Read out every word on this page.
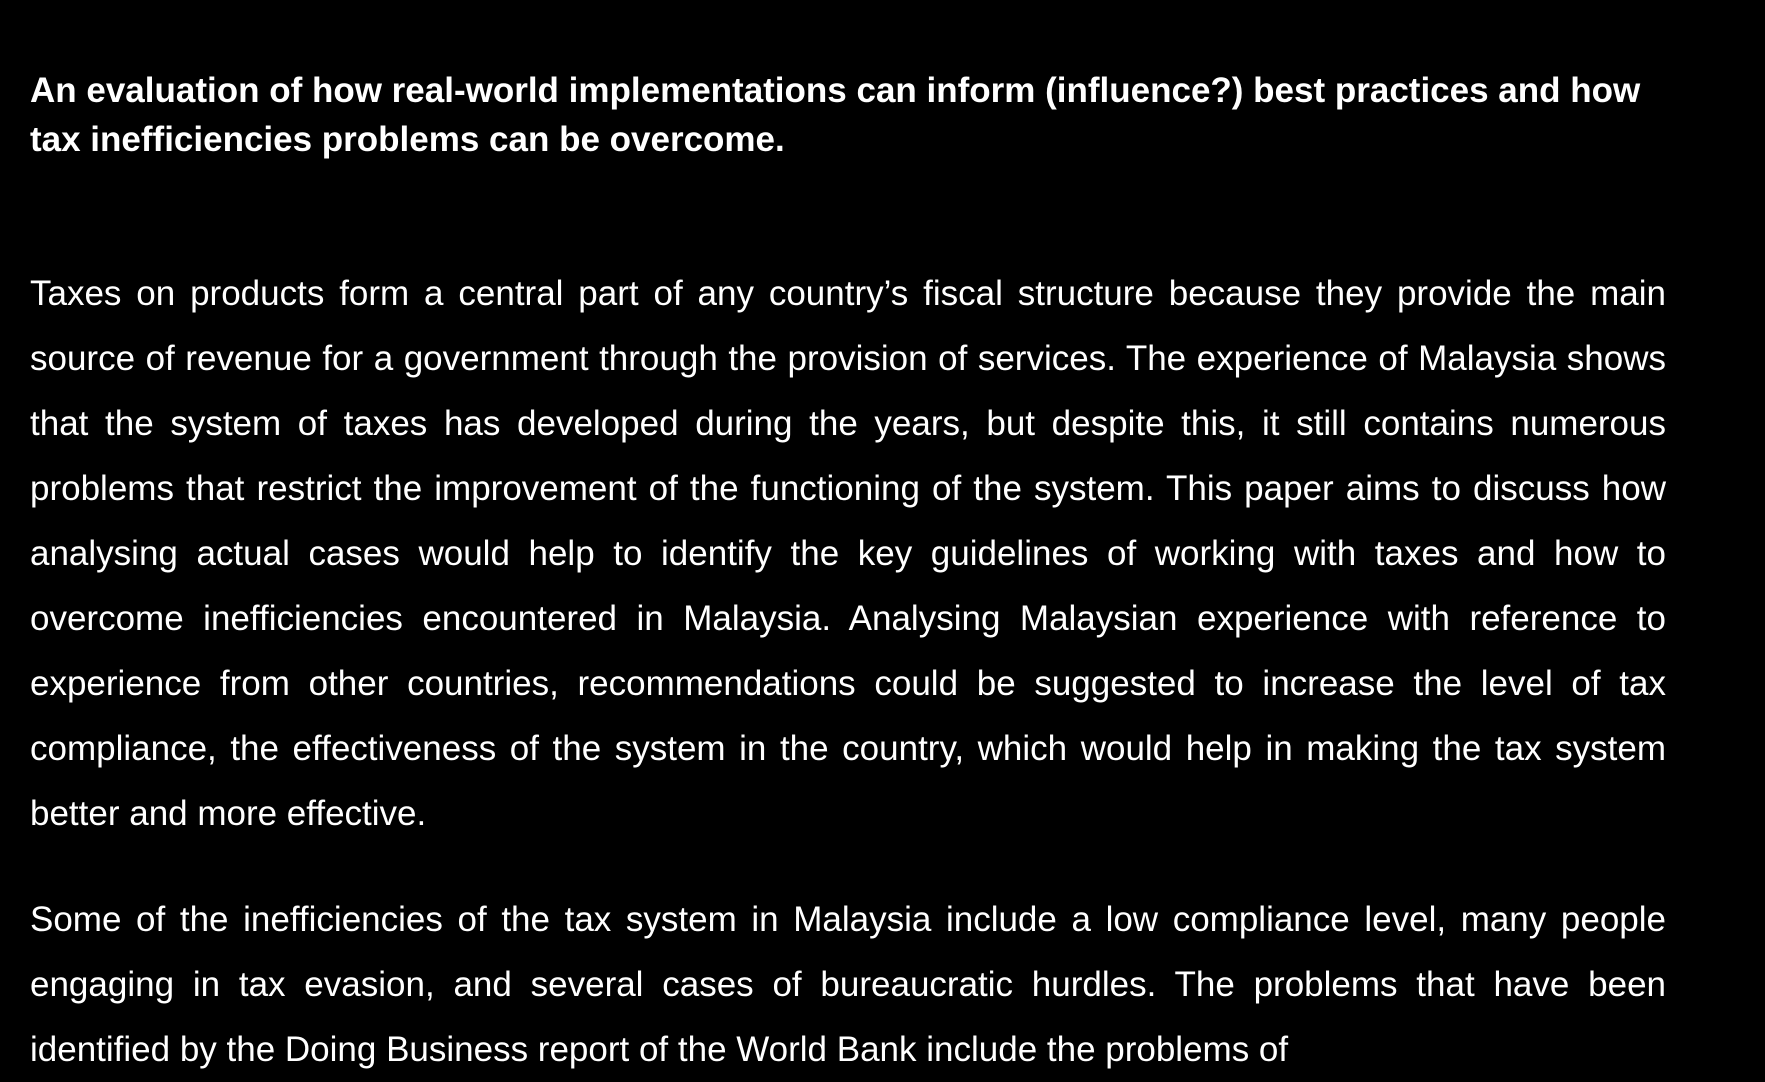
An evaluation of how real-world implementations can inform (influence?) best practices and how tax inefficiencies problems can be overcome.

Taxes on products form a central part of any country’s fiscal structure because they provide the main source of revenue for a government through the provision of services. The experience of Malaysia shows that the system of taxes has developed during the years, but despite this, it still contains numerous problems that restrict the improvement of the functioning of the system. This paper aims to discuss how analysing actual cases would help to identify the key guidelines of working with taxes and how to overcome inefficiencies encountered in Malaysia. Analysing Malaysian experience with reference to experience from other countries, recommendations could be suggested to increase the level of tax compliance, the effectiveness of the system in the country, which would help in making the tax system better and more effective.

Some of the inefficiencies of the tax system in Malaysia include a low compliance level, many people engaging in tax evasion, and several cases of bureaucratic hurdles. The problems that have been identified by the Doing Business report of the World Bank include the problems of
